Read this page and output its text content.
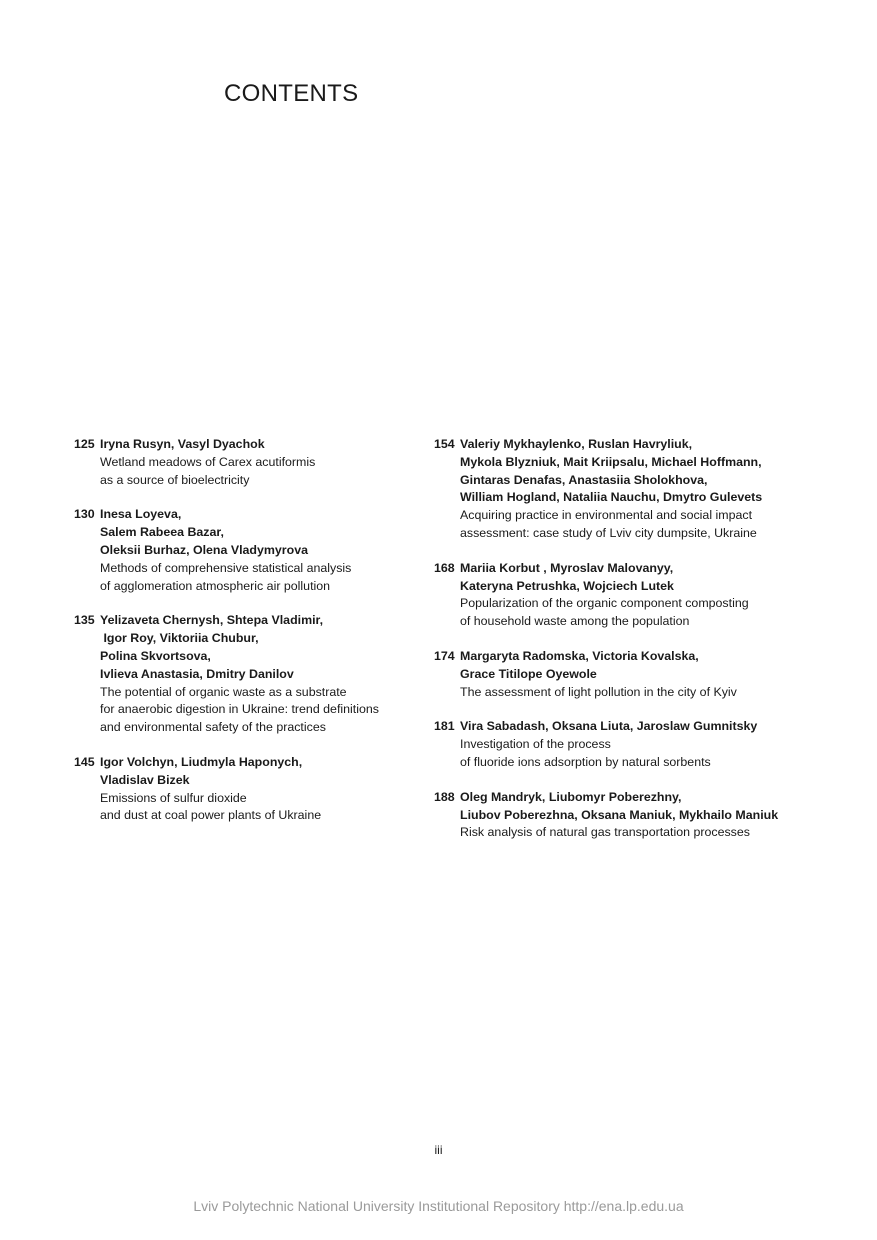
CONTENTS
125 Iryna Rusyn, Vasyl Dyachok
Wetland meadows of Carex acutiformis
as a source of bioelectricity
130 Inesa Loyeva,
Salem Rabeea Bazar,
Oleksii Burhaz, Olena Vladymyrova
Methods of comprehensive statistical analysis
of agglomeration atmospheric air pollution
135 Yelizaveta Chernysh, Shtepa Vladimir,
Igor Roy, Viktoriia Chubur,
Polina Skvortsova,
Ivlieva Anastasia, Dmitry Danilov
The potential of organic waste as a substrate
for anaerobic digestion in Ukraine: trend definitions
and environmental safety of the practices
145 Igor Volchyn, Liudmyla Haponych,
Vladislav Bizek
Emissions of sulfur dioxide
and dust at coal power plants of Ukraine
154 Valeriy Mykhaylenko, Ruslan Havryliuk,
Mykola Blyzniuk, Mait Kriipsalu, Michael Hoffmann,
Gintaras Denafas, Anastasiia Sholokhova,
William Hogland, Nataliia Nauchu, Dmytro Gulevets
Acquiring practice in environmental and social impact
assessment: case study of Lviv city dumpsite, Ukraine
168 Mariia Korbut , Myroslav Malovanyy,
Kateryna Petrushka, Wojciech Lutek
Popularization of the organic component composting
of household waste among the population
174 Margaryta Radomska, Victoria Kovalska,
Grace Titilope Oyewole
The assessment of light pollution in the city of Kyiv
181 Vira Sabadash, Oksana Liuta, Jaroslaw Gumnitsky
Investigation of the process
of fluoride ions adsorption by natural sorbents
188 Oleg Mandryk, Liubomyr Poberezhny,
Liubov Poberezhna, Oksana Maniuk, Mykhailo Maniuk
Risk analysis of natural gas transportation processes
iii
Lviv Polytechnic National University Institutional Repository http://ena.lp.edu.ua
